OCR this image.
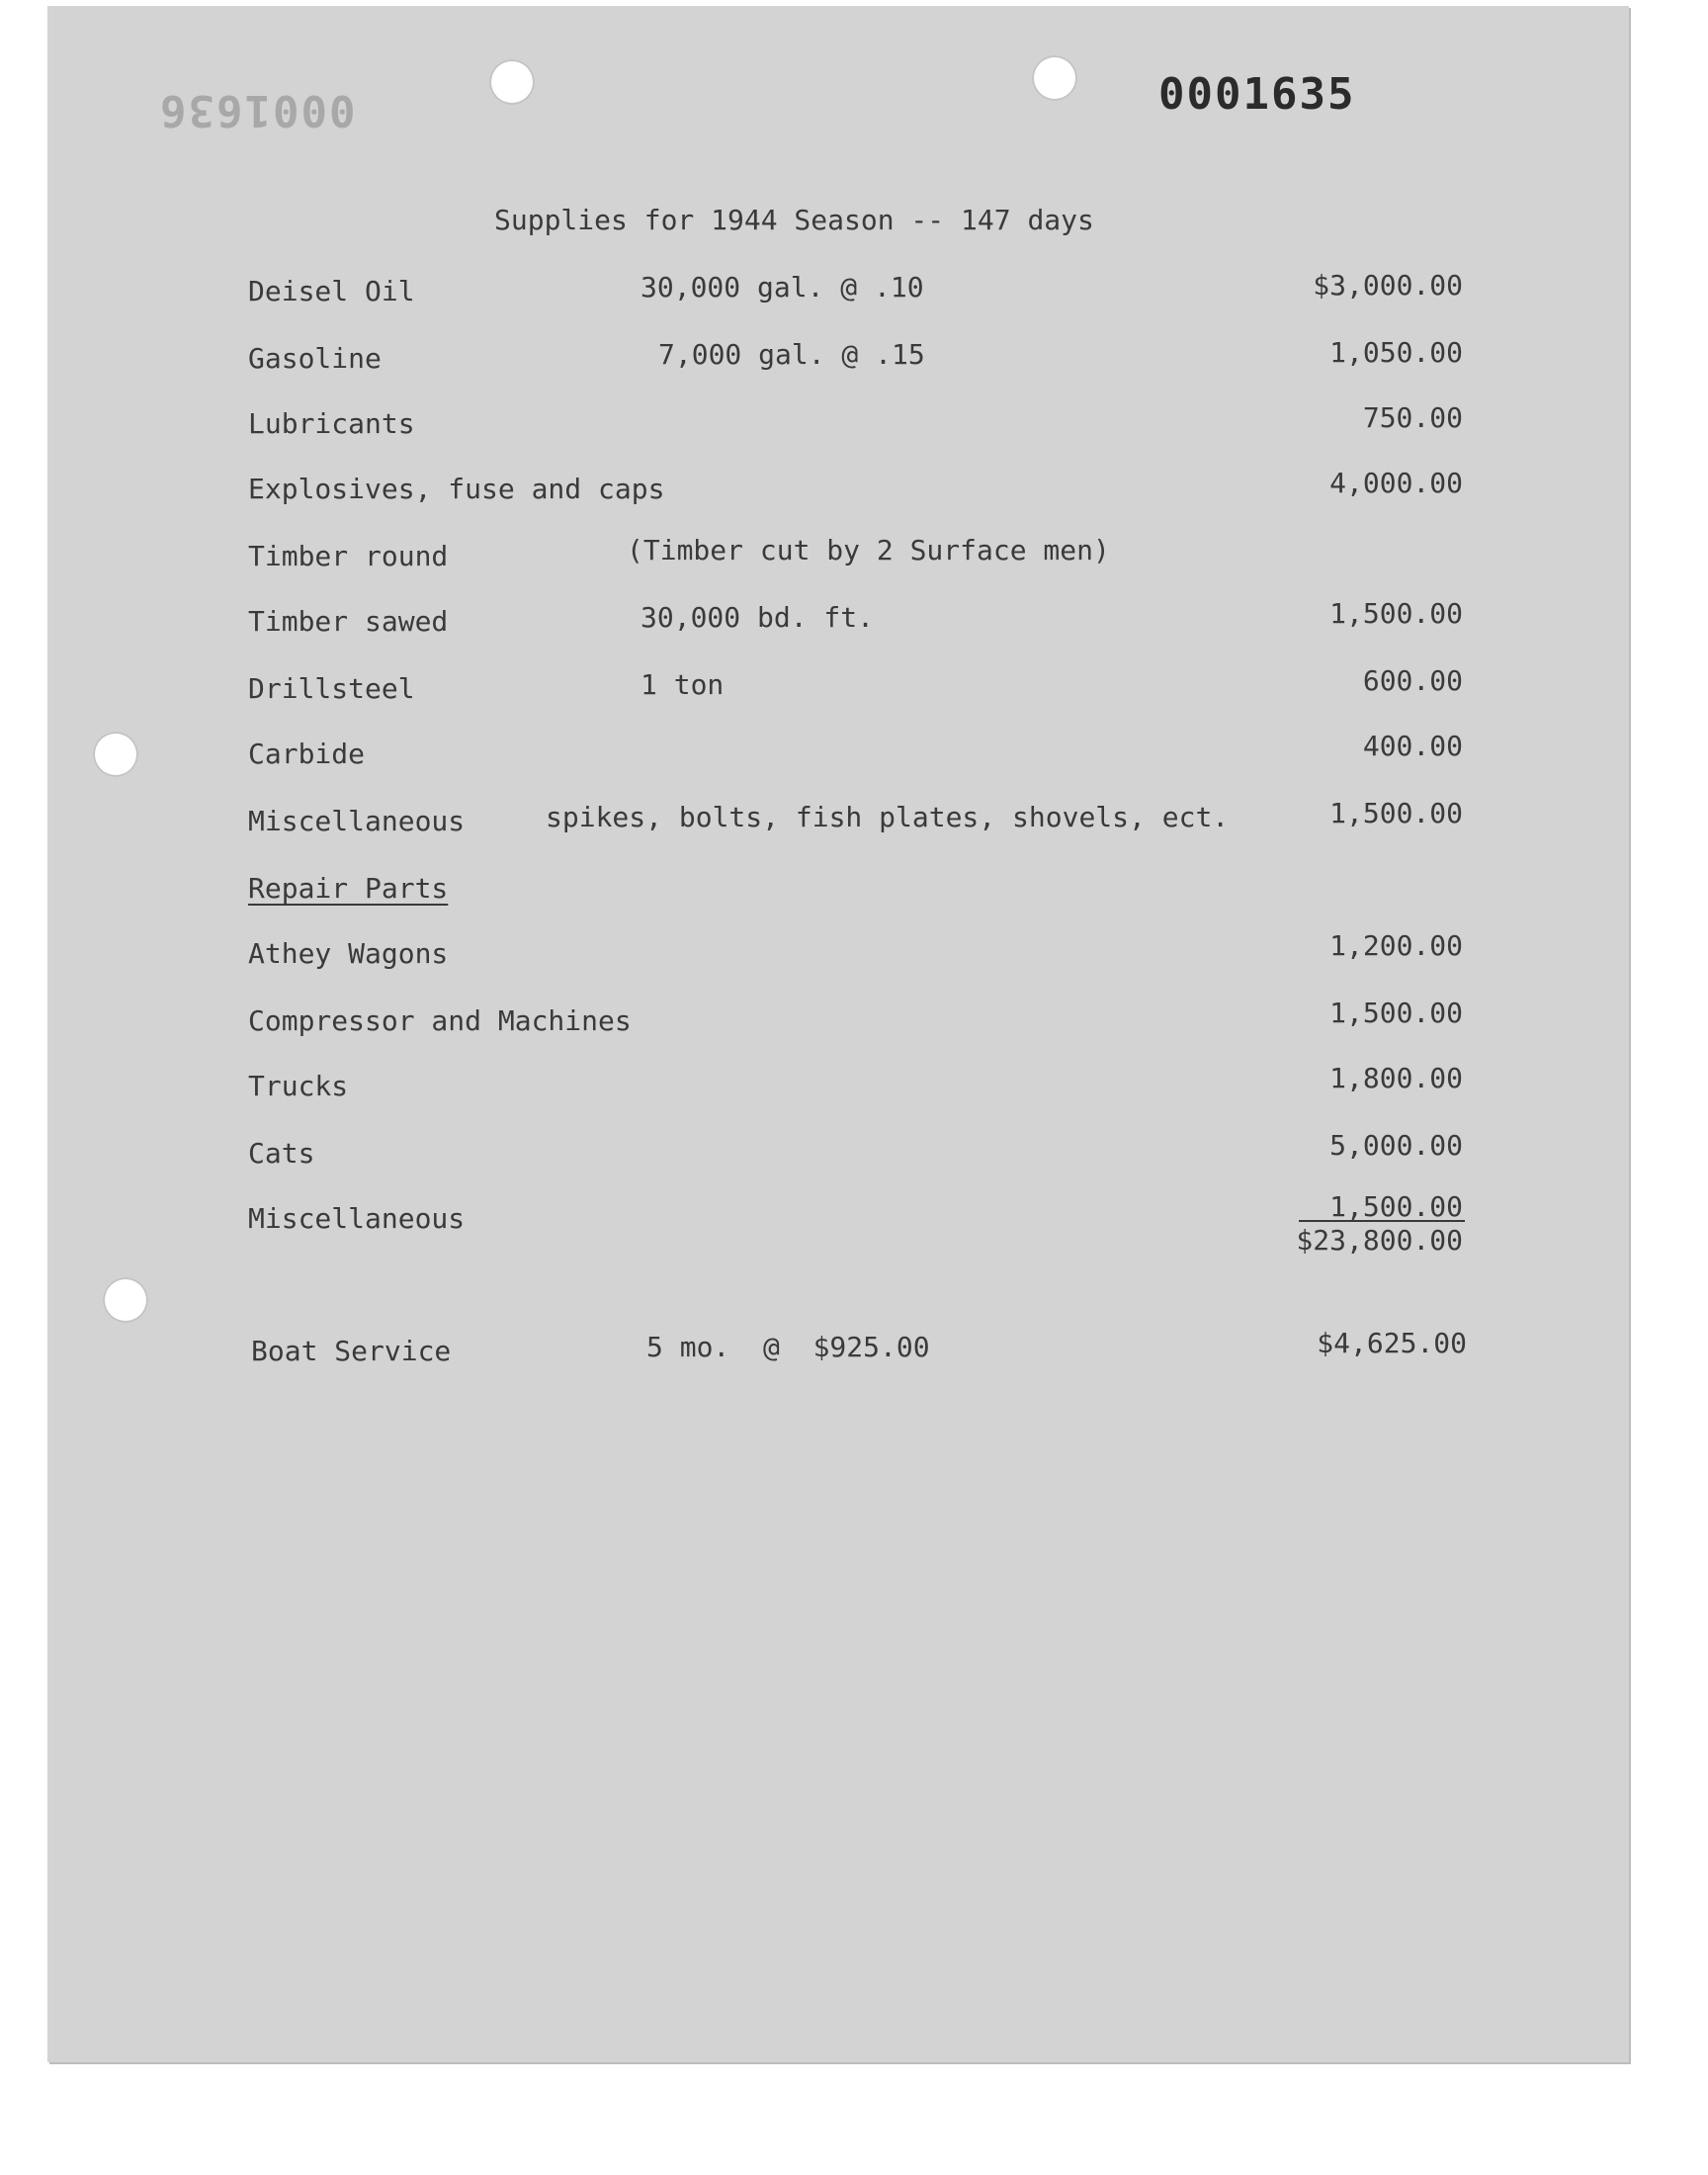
0001635
0001636
Supplies for 1944 Season -- 147 days
Deisel Oil	30,000 gal. @ .10	$3,000.00
Gasoline	7,000 gal. @ .15	1,050.00
Lubricants	750.00
Explosives, fuse and caps	4,000.00
Timber round	(Timber cut by 2 Surface men)
Timber sawed	30,000 bd. ft.	1,500.00
Drillsteel	1 ton	600.00
Carbide	400.00
Miscellaneous	spikes, bolts, fish plates, shovels, ect.	1,500.00
Repair Parts
Athey Wagons	1,200.00
Compressor and Machines	1,500.00
Trucks	1,800.00
Cats	5,000.00
Miscellaneous	1,500.00
$23,800.00
Boat Service	5 mo.  @  $925.00	$4,625.00
